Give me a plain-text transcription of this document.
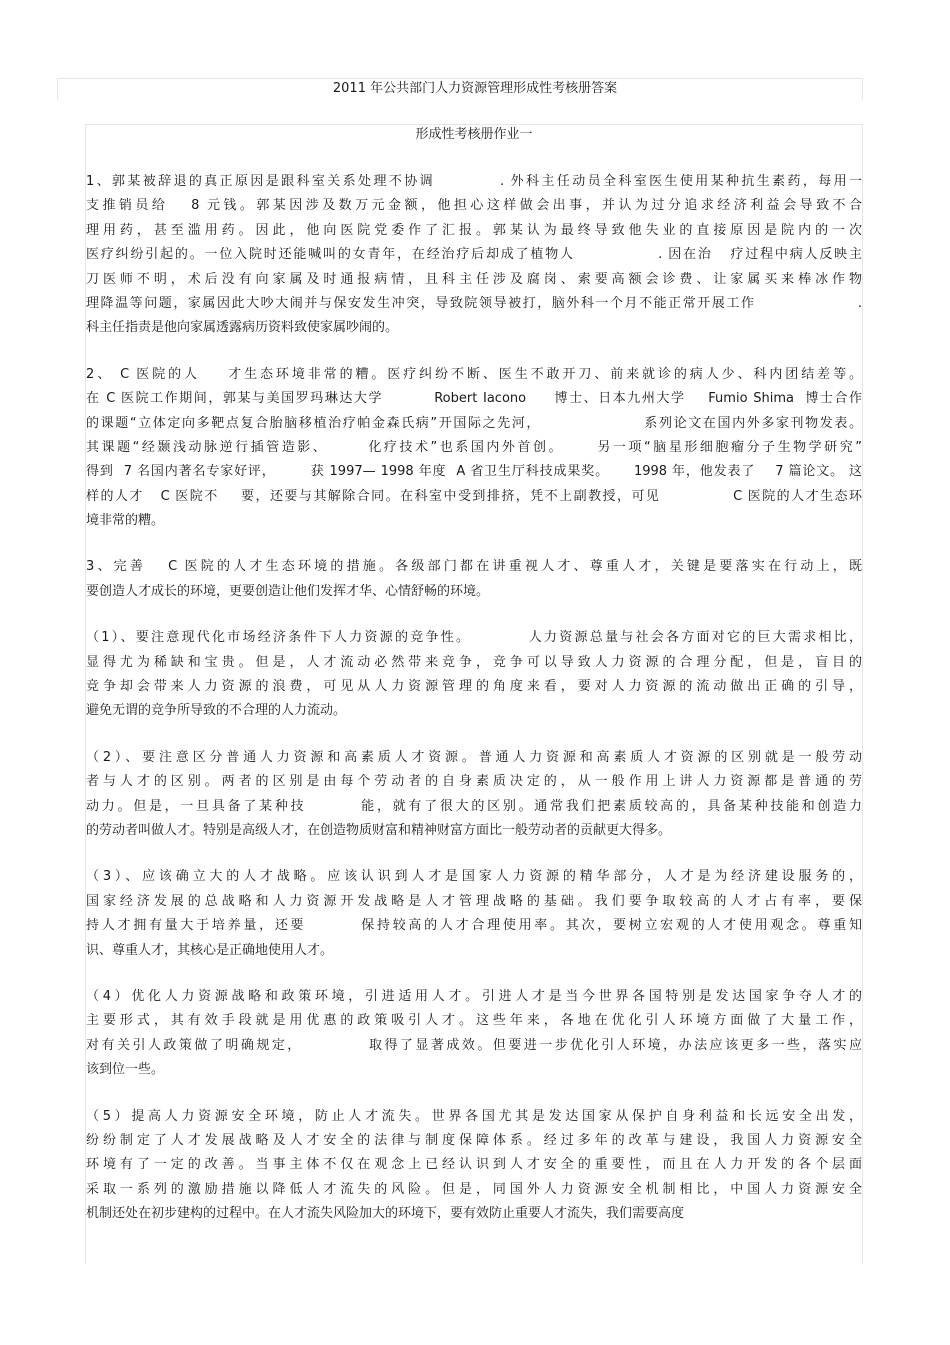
2011 年公共部门人力资源管理形成性考核册答案
形成性考核册作业一
1、郭某被辞退的真正原因是跟科室关系处理不协调          . 外科主任动员全科室医生使用某种抗生素药，每用一
支推销员给   8 元钱。郭某因涉及数万元金额，他担心这样做会出事，并认为过分追求经济利益会导致不合
理用药，甚至滥用药。因此，他向医院党委作了汇报。郭某认为最终导致他失业的直接原因是院内的一次
医疗纠纷引起的。一位入院时还能喊叫的女青年，在经治疗后却成了植物人              . 因在治   疗过程中病人反映主
刀医师不明，术后没有向家属及时通报病情，且科主任涉及腐岗、索要高额会诊费、让家属买来棒冰作物
理降温等问题，家属因此大吵大闹并与保安发生冲突，导致院领导被打，脑外科一个月不能正常开展工作                  .
科主任指责是他向家属透露病历资料致使家属吵闹的。
2、 C 医院的人    才生态环境非常的糟。医疗纠纷不断、医生不敢开刀、前来就诊的病人少、科内团结差等。
在 C 医院工作期间，郭某与美国罗玛琳达大学         Robert Iacono     博士、日本九州大学    Fumio Shima  博士合作
的课题“立体定向多靶点复合胎脑移植治疗帕金森氏病”开国际之先河，                  系列论文在国内外多家刊物发表。
其课题“经颞浅动脉逆行插管造影、      化疗技术”也系国内外首创。     另一项“脑星形细胞瘤分子生物学研究”
得到  7 名国内著名专家好评，       获 1997— 1998 年度  A 省卫生厅科技成果奖。     1998 年，他发表了    7 篇论文。 这
样的人才   C 医院不    要，还要与其解除合同。在科室中受到排挤，凭不上副教授，可见             C 医院的人才生态环
境非常的糟。
3、完善   C 医院的人才生态环境的措施。各级部门都在讲重视人才、尊重人才，关键是要落实在行动上，既
要创造人才成长的环境，更要创造让他们发挥才华、心情舒畅的环境。
（1）、要注意现代化市场经济条件下人力资源的竞争性。         人力资源总量与社会各方面对它的巨大需求相比，
显得尤为稀缺和宝贵。但是，人才流动必然带来竞争，竞争可以导致人力资源的合理分配，但是，盲目的
竞争却会带来人力资源的浪费，可见从人力资源管理的角度来看，要对人力资源的流动做出正确的引导，
避免无谓的竞争所导致的不合理的人力流动。
（2）、要注意区分普通人力资源和高素质人才资源。普通人力资源和高素质人才资源的区别就是一般劳动
者与人才的区别。两者的区别是由每个劳动者的自身素质决定的，从一般作用上讲人力资源都是普通的劳
动力。但是，一旦具备了某种技        能，就有了很大的区别。通常我们把素质较高的，具备某种技能和创造力
的劳动者叫做人才。特别是高级人才，在创造物质财富和精神财富方面比一般劳动者的贡献更大得多。
（3）、应该确立大的人才战略。应该认识到人才是国家人力资源的精华部分，人才是为经济建设服务的，
国家经济发展的总战略和人力资源开发战略是人才管理战略的基础。我们要争取较高的人才占有率，要保
持人才拥有量大于培养量，还要        保持较高的人才合理使用率。其次，要树立宏观的人才使用观念。尊重知
识、尊重人才，其核心是正确地使用人才。
（4）优化人力资源战略和政策环境，引进适用人才。引进人才是当今世界各国特别是发达国家争夺人才的
主要形式，其有效手段就是用优惠的政策吸引人才。这些年来，各地在优化引人环境方面做了大量工作，
对有关引人政策做了明确规定，          取得了显著成效。但要进一步优化引人环境，办法应该更多一些，落实应
该到位一些。
（5）提高人力资源安全环境，防止人才流失。世界各国尤其是发达国家从保护自身利益和长远安全出发，
纷纷制定了人才发展战略及人才安全的法律与制度保障体系。经过多年的改革与建设，我国人力资源安全
环境有了一定的改善。当事主体不仅在观念上已经认识到人才安全的重要性，而且在人力开发的各个层面
采取一系列的激励措施以降低人才流失的风险。但是，同国外人力资源安全机制相比，中国人力资源安全
机制还处在初步建构的过程中。在人才流失风险加大的环境下，要有效防止重要人才流失，我们需要高度
